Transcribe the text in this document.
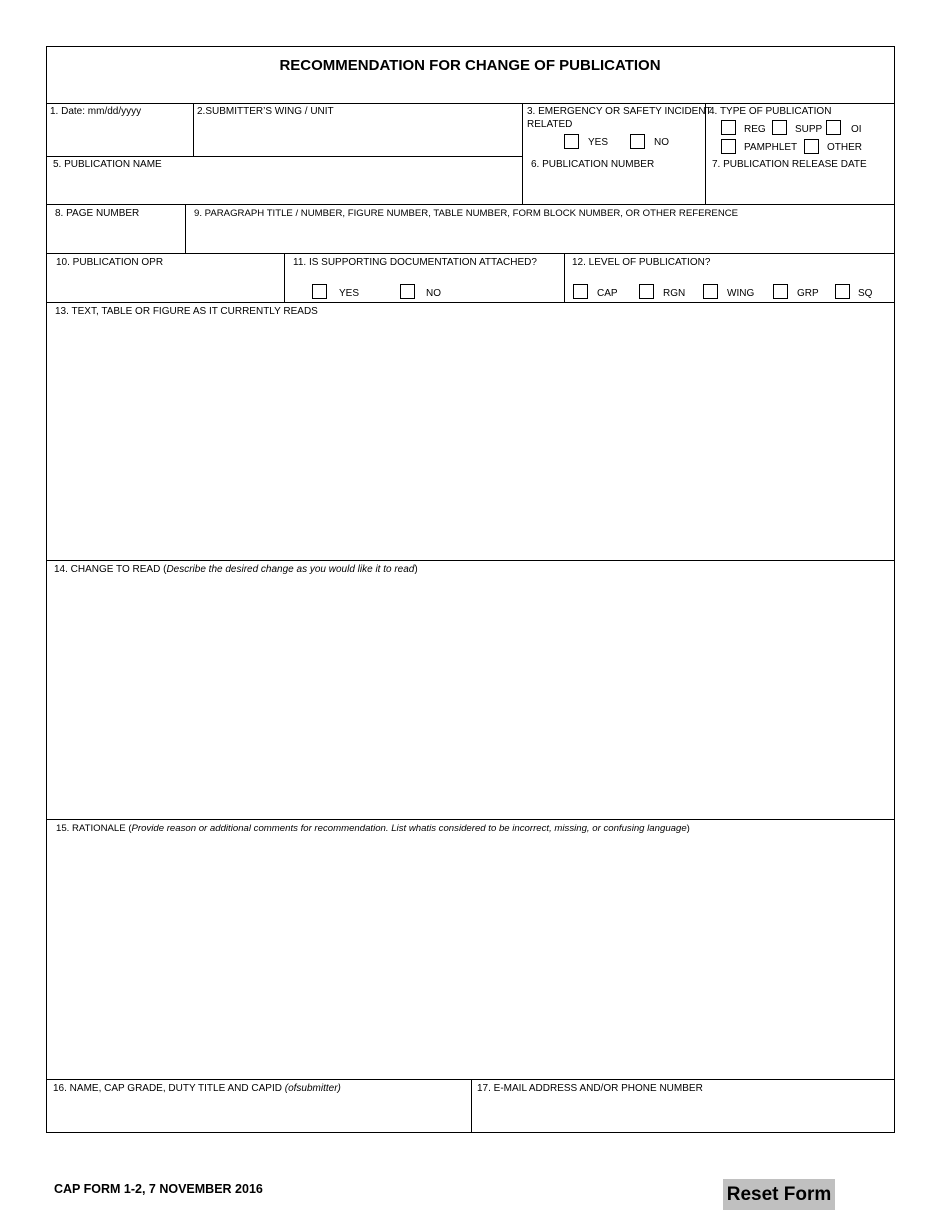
RECOMMENDATION FOR CHANGE OF PUBLICATION
1. Date: mm/dd/yyyy	2.SUBMITTER’S WING / UNIT	3. EMERGENCY OR SAFETY INCIDENT
RELATED
YES	NO
4. TYPE OF PUBLICATION
REG	SUPP	OI
PAMPHLET	OTHER
5. PUBLICATION NAME	6. PUBLICATION NUMBER	7. PUBLICATION RELEASE DATE
8. PAGE NUMBER	9. PARAGRAPH TITLE / NUMBER, FIGURE NUMBER, TABLE NUMBER, FORM BLOCK NUMBER, OR OTHER REFERENCE
10. PUBLICATION OPR	11. IS SUPPORTING DOCUMENTATION ATTACHED?
YES	NO
12. LEVEL OF PUBLICATION?
CAP	RGN	WING	GRP	SQ
13. TEXT, TABLE OR FIGURE AS IT CURRENTLY READS
14. CHANGE TO READ (Describe the desired change as you would like it to read)
15. RATIONALE (Provide reason or additional comments for recommendation. List whatis considered to be incorrect, missing, or confusing language)
16. NAME, CAP GRADE, DUTY TITLE AND CAPID (ofsubmitter)	17. E-MAIL ADDRESS AND/OR PHONE NUMBER
CAP FORM 1-2, 7 NOVEMBER 2016	Reset Form
